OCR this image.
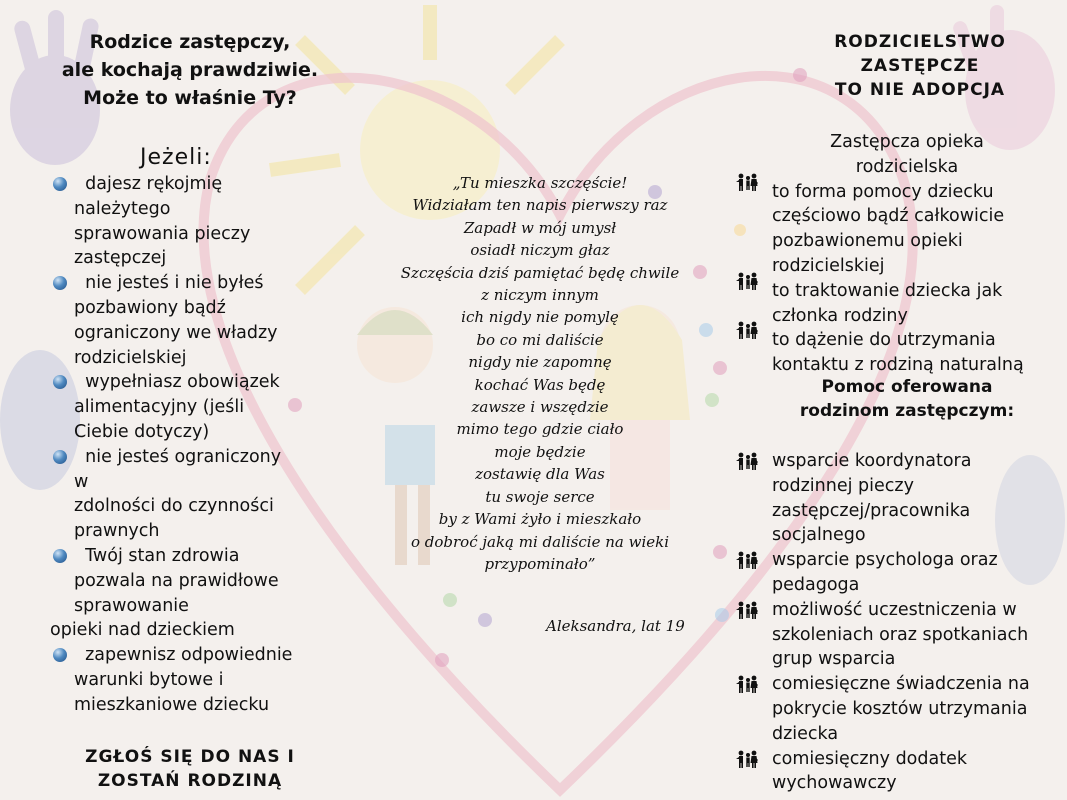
Rodzice zastępczy,
ale kochają prawdziwie.
Może to właśnie Ty?
Jeżeli:
dajesz rękojmię
należytego
sprawowania pieczy
zastępczej
nie jesteś i nie byłeś
pozbawiony bądź
ograniczony we władzy
rodzicielskiej
wypełniasz obowiązek
alimentacyjny (jeśli
Ciebie dotyczy)
nie jesteś ograniczony
w
zdolności do czynności
prawnych
Twój stan zdrowia
pozwala na prawidłowe
sprawowanie
opieki nad dzieckiem
zapewnisz odpowiednie
warunki bytowe i
mieszkaniowe dziecku
ZGŁOŚ SIĘ DO NAS I
ZOSTAŃ RODZINĄ
„Tu mieszka szczęście!
Widziałam ten napis pierwszy raz
Zapadł w mój umysł
osiadł niczym głaz
Szczęścia dziś pamiętać będę chwile
z niczym innym
ich nigdy nie pomylę
bo co mi daliście
nigdy nie zapomnę
kochać Was będę
zawsze i wszędzie
mimo tego gdzie ciało
moje będzie
zostawię dla Was
tu swoje serce
by z Wami żyło i mieszkało
o dobroć jaką mi daliście na wieki
przypominało”
Aleksandra, lat 19
RODZICIELSTWO
ZASTĘPCZE
TO NIE ADOPCJA
Zastępcza opieka
rodzicielska
to forma pomocy dziecku
częściowo bądź całkowicie
pozbawionemu opieki
rodzicielskiej
to traktowanie dziecka jak
członka rodziny
to dążenie do utrzymania
kontaktu z rodziną naturalną
Pomoc oferowana
rodzinom zastępczym:
wsparcie koordynatora
rodzinnej pieczy
zastępczej/pracownika
socjalnego
wsparcie psychologa oraz
pedagoga
możliwość uczestniczenia w
szkoleniach oraz spotkaniach
grup wsparcia
comiesięczne świadczenia na
pokrycie kosztów utrzymania
dziecka
comiesięczny dodatek
wychowawczy
